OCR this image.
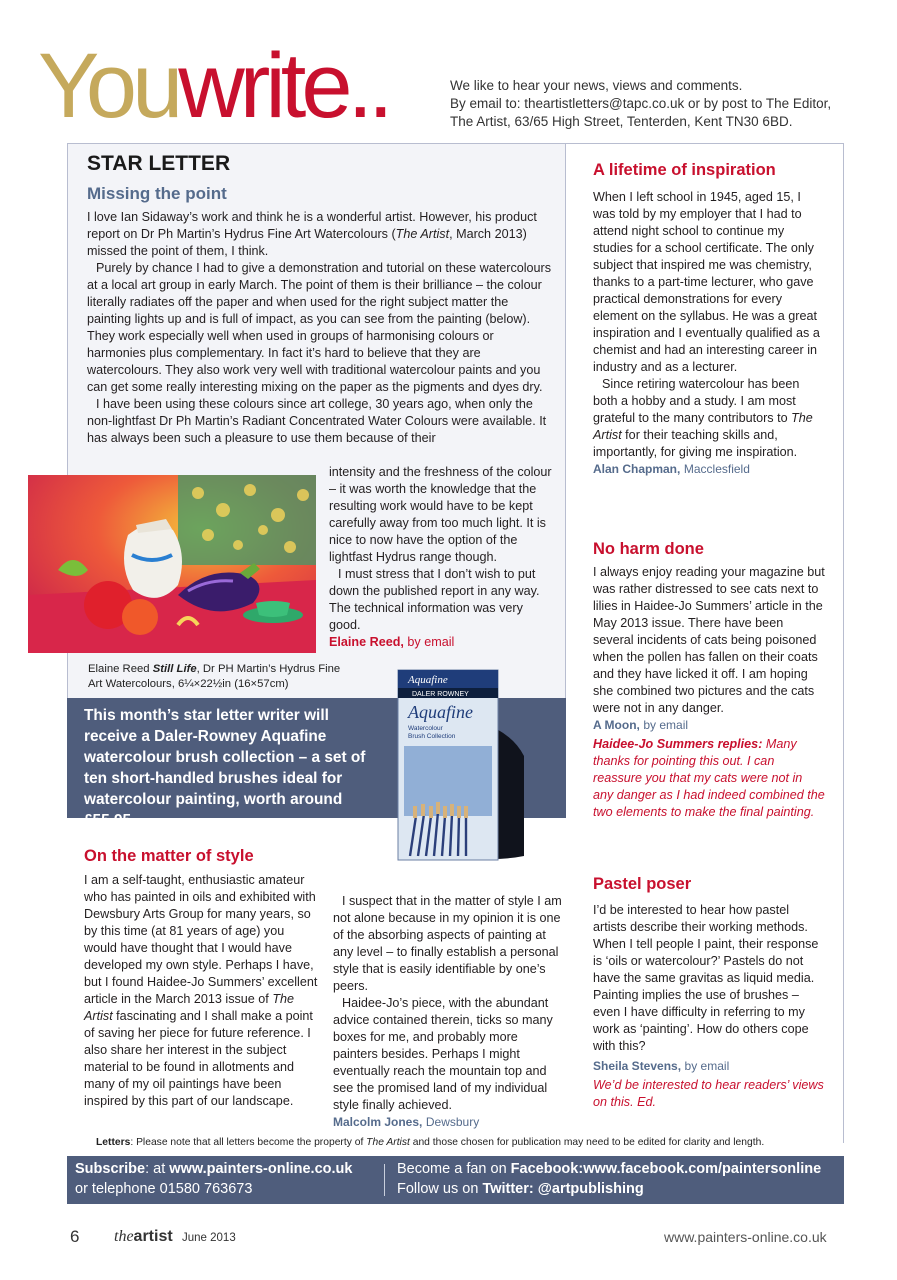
Youwrite..	We like to hear your news, views and comments.
By email to: theartistletters@tapc.co.uk or by post to The Editor,
The Artist, 63/65 High Street, Tenterden, Kent TN30 6BD.
STAR LETTER
Missing the point

I love Ian Sidaway’s work and think he is a wonderful artist. However, his product report on Dr Ph Martin’s Hydrus Fine Art Watercolours (The Artist, March 2013) missed the point of them, I think.

Purely by chance I had to give a demonstration and tutorial on these watercolours at a local art group in early March. The point of them is their brilliance – the colour literally radiates off the paper and when used for the right subject matter the painting lights up and is full of impact, as you can see from the painting (below). They work especially well when used in groups of harmonising colours or harmonies plus complementary. In fact it’s hard to believe that they are watercolours. They also work very well with traditional watercolour paints and you can get some really interesting mixing on the paper as the pigments and dyes dry.

I have been using these colours since art college, 30 years ago, when only the non-lightfast Dr Ph Martin’s Radiant Concentrated Water Colours were available. It has always been such a pleasure to use them because of their

intensity and the freshness of the colour – it was worth the knowledge that the resulting work would have to be kept carefully away from too much light. It is nice to now have the option of the lightfast Hydrus range though.

I must stress that I don’t wish to put down the published report in any way. The technical information was very good.

Elaine Reed, by email

Elaine Reed Still Life, Dr PH Martin’s Hydrus Fine Art Watercolours, 6¼×22½in (16×57cm)
This month’s star letter writer will receive a Daler-Rowney Aquafine watercolour brush collection – a set of ten short-handled brushes ideal for watercolour painting, worth around £55.95.
Aquafine
DALER ROWNEY
Aquafine
Watercolour
Brush Collection
On the matter of style

I am a self-taught, enthusiastic amateur who has painted in oils and exhibited with Dewsbury Arts Group for many years, so by this time (at 81 years of age) you would have thought that I would have developed my own style. Perhaps I have, but I found Haidee-Jo Summers’ excellent article in the March 2013 issue of The Artist fascinating and I shall make a point of saving her piece for future reference. I also share her interest in the subject material to be found in allotments and many of my oil paintings have been inspired by this part of our landscape.

I suspect that in the matter of style I am not alone because in my opinion it is one of the absorbing aspects of painting at any level – to finally establish a personal style that is easily identifiable by one’s peers.

Haidee-Jo’s piece, with the abundant advice contained therein, ticks so many boxes for me, and probably more painters besides. Perhaps I might eventually reach the mountain top and see the promised land of my individual style finally achieved.

Malcolm Jones, Dewsbury

A lifetime of inspiration

When I left school in 1945, aged 15, I was told by my employer that I had to attend night school to continue my studies for a school certificate. The only subject that inspired me was chemistry, thanks to a part-time lecturer, who gave practical demonstrations for every element on the syllabus. He was a great inspiration and I eventually qualified as a chemist and had an interesting career in industry and as a lecturer.

Since retiring watercolour has been both a hobby and a study. I am most grateful to the many contributors to The Artist for their teaching skills and, importantly, for giving me inspiration.

Alan Chapman, Macclesfield

No harm done

I always enjoy reading your magazine but was rather distressed to see cats next to lilies in Haidee-Jo Summers’ article in the May 2013 issue. There have been several incidents of cats being poisoned when the pollen has fallen on their coats and they have licked it off. I am hoping she combined two pictures and the cats were not in any danger.

A Moon, by email

Haidee-Jo Summers replies: Many thanks for pointing this out. I can reassure you that my cats were not in any danger as I had indeed combined the two elements to make the final painting.

Pastel poser

I’d be interested to hear how pastel artists describe their working methods. When I tell people I paint, their response is ‘oils or watercolour?’ Pastels do not have the same gravitas as liquid media. Painting implies the use of brushes – even I have difficulty in referring to my work as ‘painting’. How do others cope with this?

Sheila Stevens, by email

We’d be interested to hear readers’ views on this. Ed.

Letters: Please note that all letters become the property of The Artist and those chosen for publication may need to be edited for clarity and length.
Subscribe: at www.painters-online.co.uk
or telephone 01580 763673
Become a fan on Facebook:www.facebook.com/paintersonline
Follow us on Twitter: @artpublishing
6 theartist June 2013	www.painters-online.co.uk
